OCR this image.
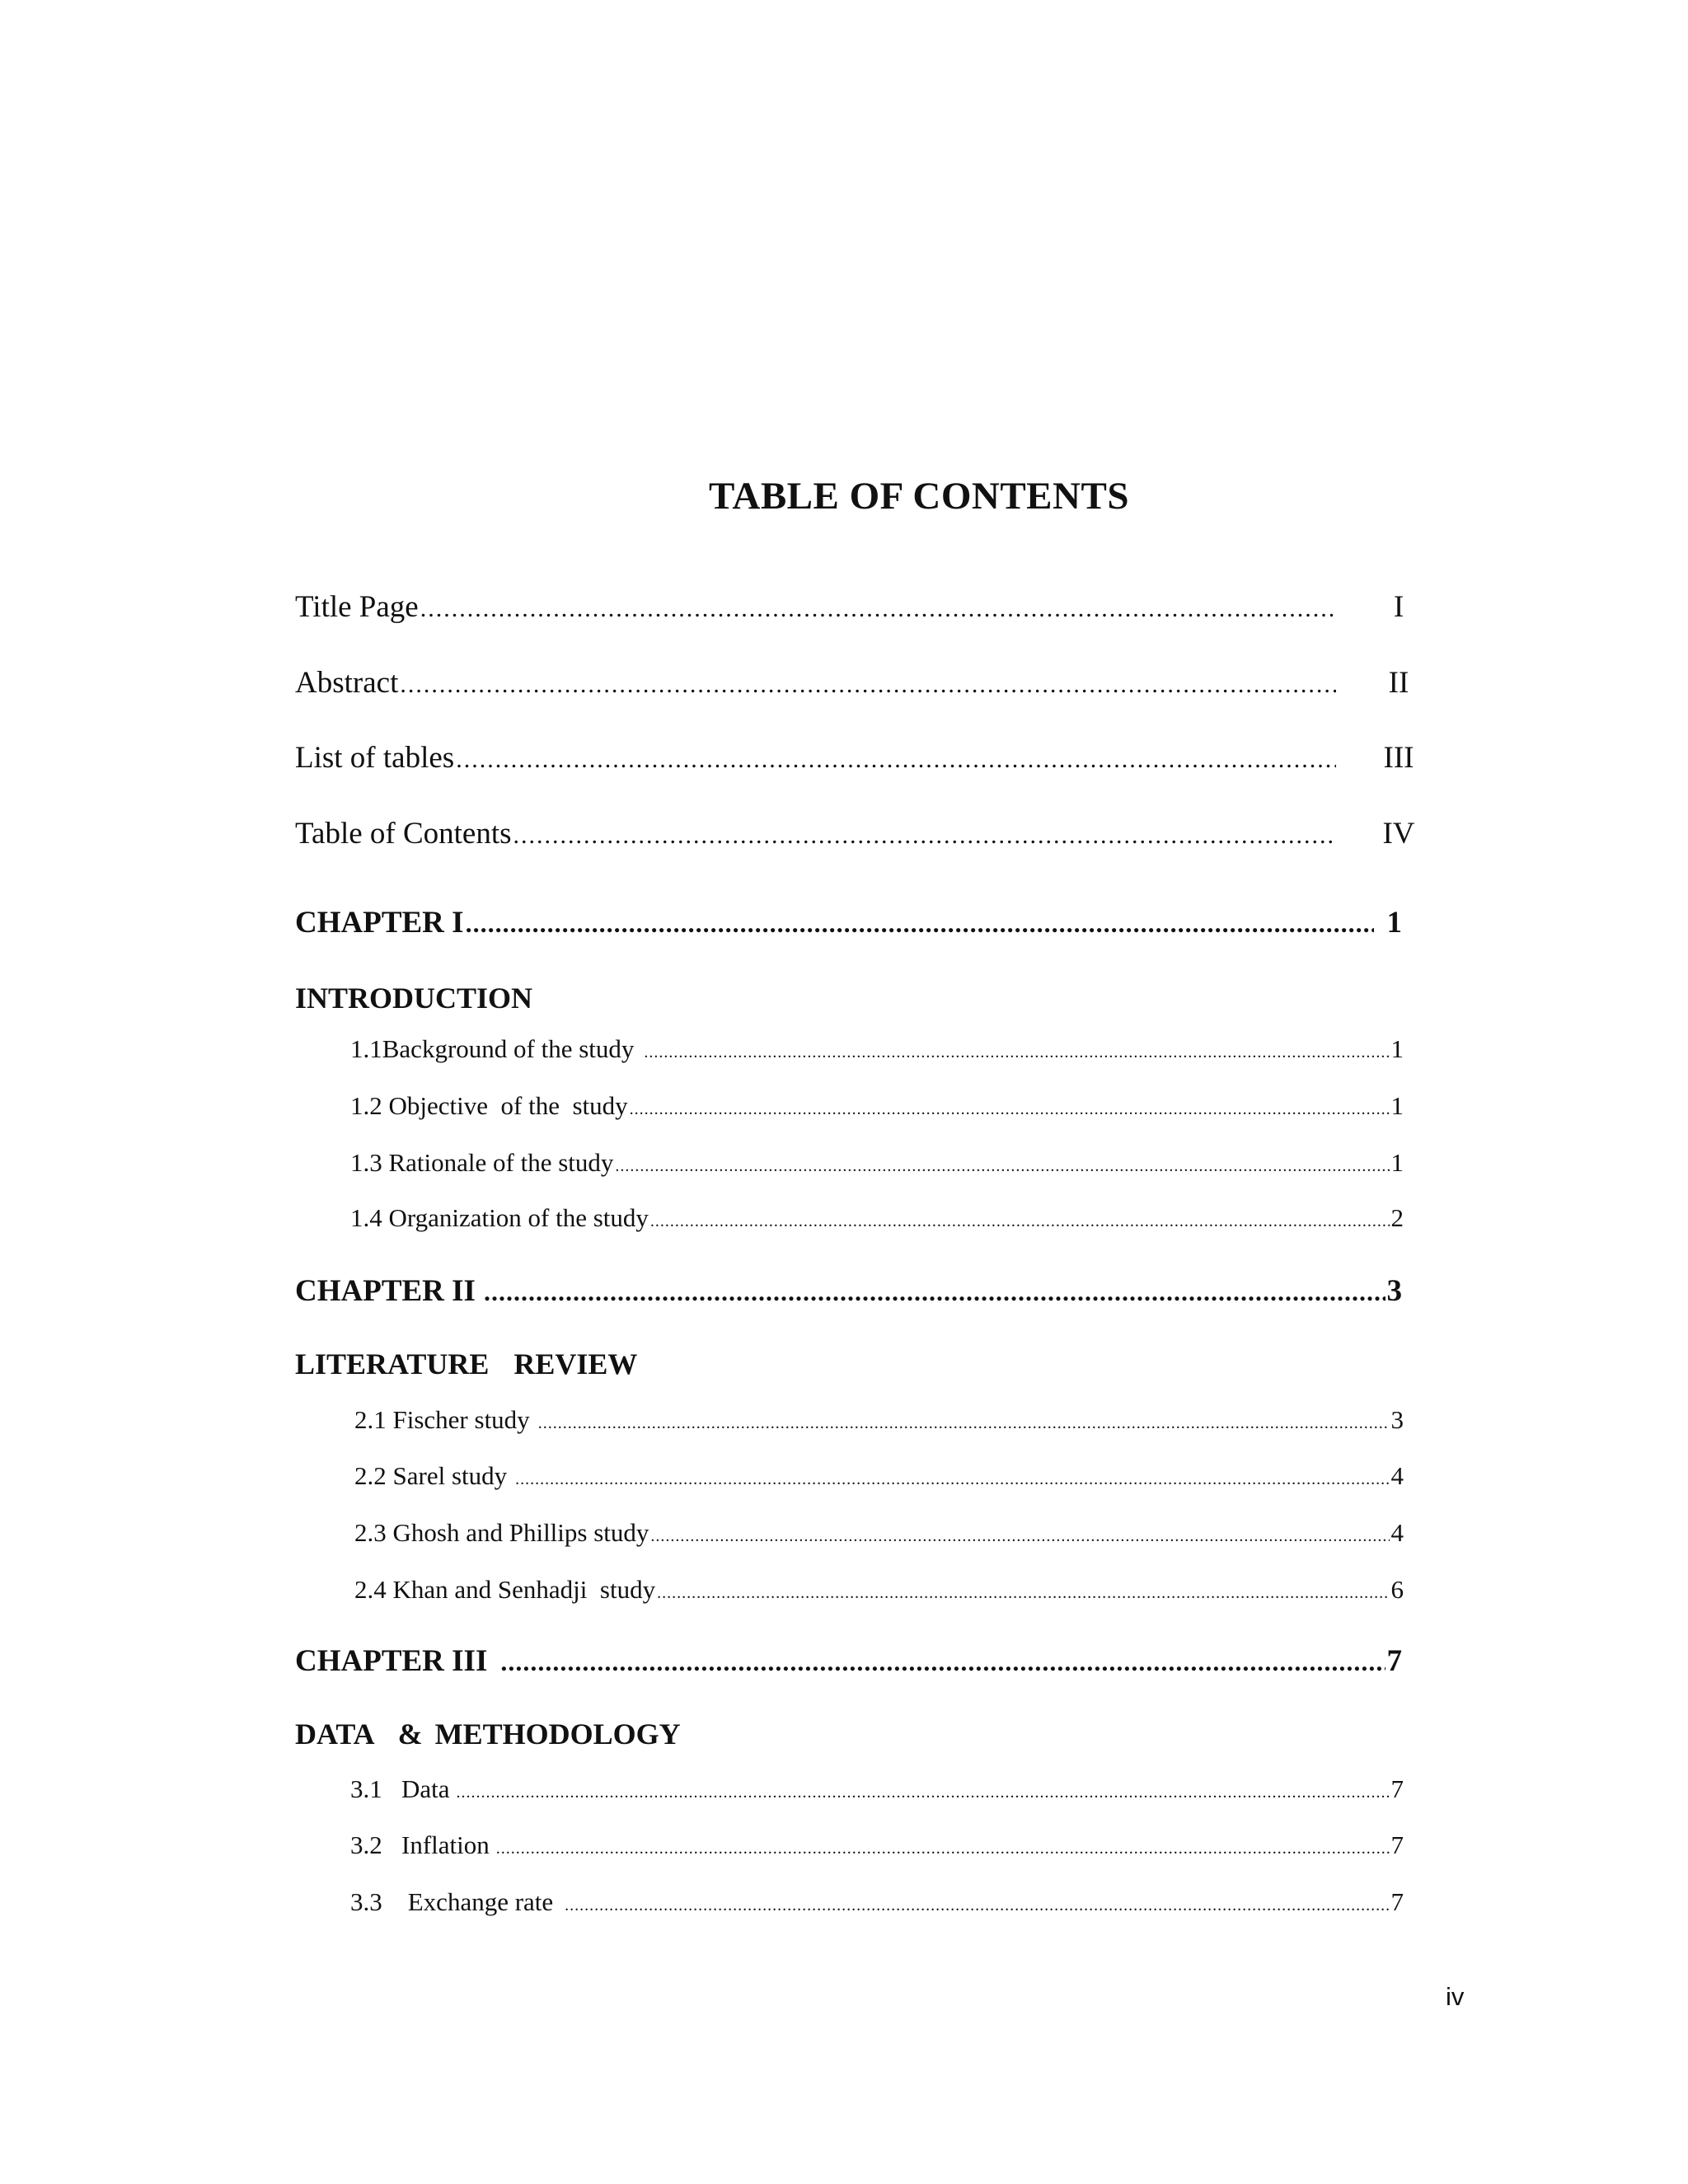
TABLE OF CONTENTS
Title Page .....	I
Abstract .....	II
List of tables .....	III
Table of Contents .....	IV
CHAPTER I .....	1
INTRODUCTION
1.1Background of the study .....	1
1.2 Objective  of the  study .....	1
1.3 Rationale of the study .....	1
1.4 Organization of the study .....	2
CHAPTER II .....	3
LITERATURE  REVIEW
2.1 Fischer study .....	3
2.2 Sarel study .....	4
2.3 Ghosh and Phillips study .....	4
2.4 Khan and Senhadji  study .....	6
CHAPTER III .....	7
DATA  & METHODOLOGY
3.1   Data .....	7
3.2   Inflation .....	7
3.3    Exchange rate .....	7
iv
